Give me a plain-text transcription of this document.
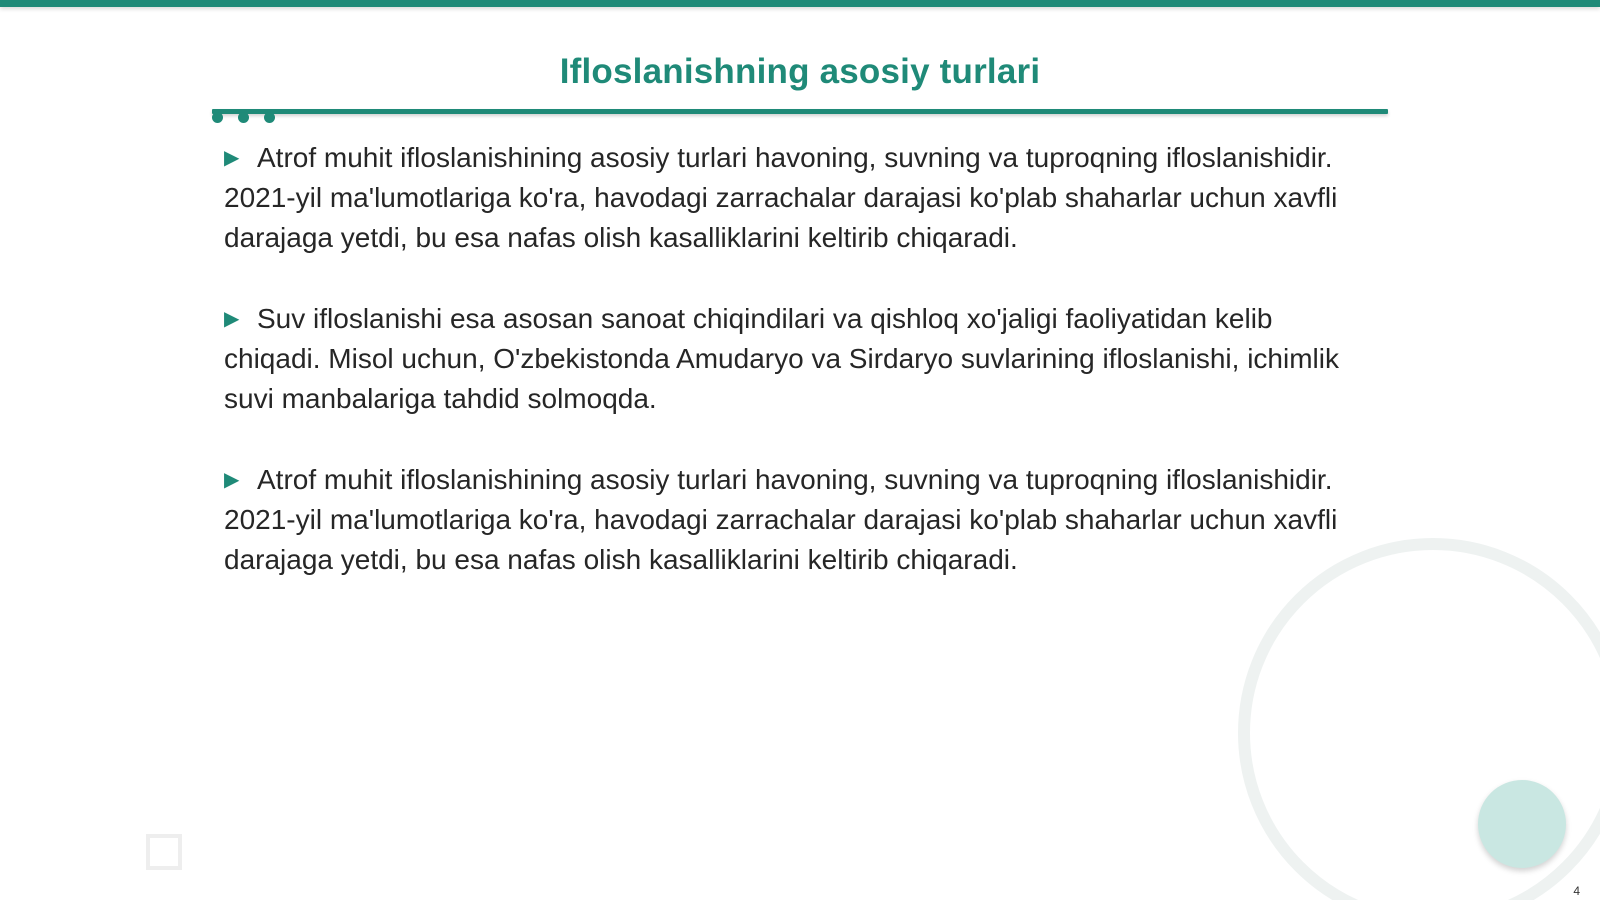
Ifloslanishning asosiy turlari
▶ Atrof muhit ifloslanishining asosiy turlari havoning, suvning va tuproqning ifloslanishidir. 2021-yil ma'lumotlariga ko'ra, havodagi zarrachalar darajasi ko'plab shaharlar uchun xavfli darajaga yetdi, bu esa nafas olish kasalliklarini keltirib chiqaradi.
▶ Suv ifloslanishi esa asosan sanoat chiqindilari va qishloq xo'jaligi faoliyatidan kelib chiqadi. Misol uchun, O'zbekistonda Amudaryo va Sirdaryo suvlarining ifloslanishi, ichimlik suvi manbalariga tahdid solmoqda.
▶ Atrof muhit ifloslanishining asosiy turlari havoning, suvning va tuproqning ifloslanishidir. 2021-yil ma'lumotlariga ko'ra, havodagi zarrachalar darajasi ko'plab shaharlar uchun xavfli darajaga yetdi, bu esa nafas olish kasalliklarini keltirib chiqaradi.
4
